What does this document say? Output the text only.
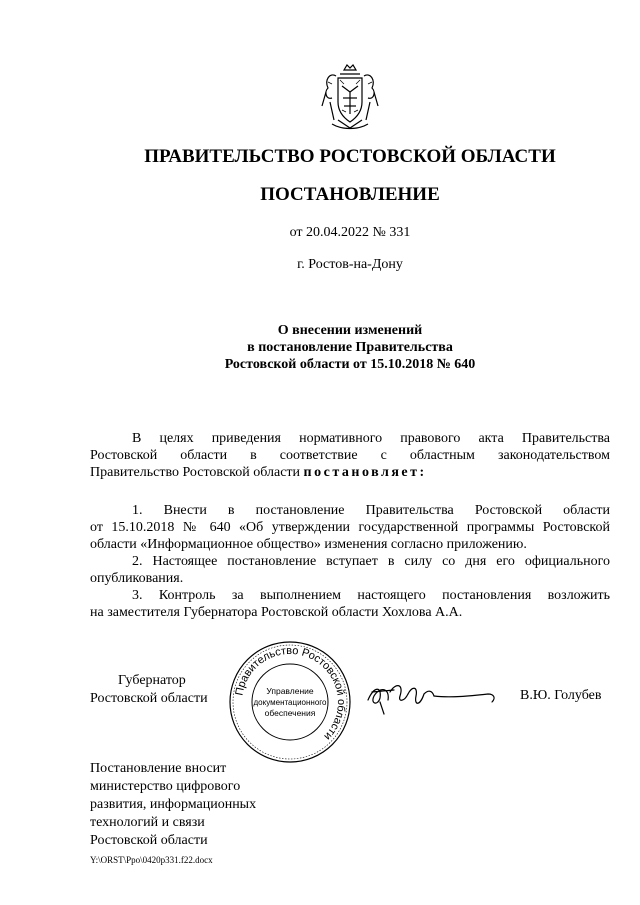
ПРАВИТЕЛЬСТВО РОСТОВСКОЙ ОБЛАСТИ
ПОСТАНОВЛЕНИЕ
от 20.04.2022 № 331
г. Ростов-на-Дону
О внесении изменений
в постановление Правительства
Ростовской области от 15.10.2018 № 640
В целях приведения нормативного правового акта Правительства
Ростовской области в соответствие с областным законодательством
Правительство Ростовской области постановляет:
1. Внести в постановление Правительства Ростовской области
от 15.10.2018 № 640 «Об утверждении государственной программы Ростовской
области «Информационное общество» изменения согласно приложению.
2. Настоящее постановление вступает в силу со дня его официального
опубликования.
3. Контроль за выполнением настоящего постановления возложить
на заместителя Губернатора Ростовской области Хохлова А.А.
Губернатор
Ростовской области Правительство Ростовской области
Управление
документационного
обеспечения
В.Ю. Голубев
Постановление вносит
министерство цифрового
развития, информационных
технологий и связи
Ростовской области
Y:\ORST\Ppo\0420p331.f22.docx
